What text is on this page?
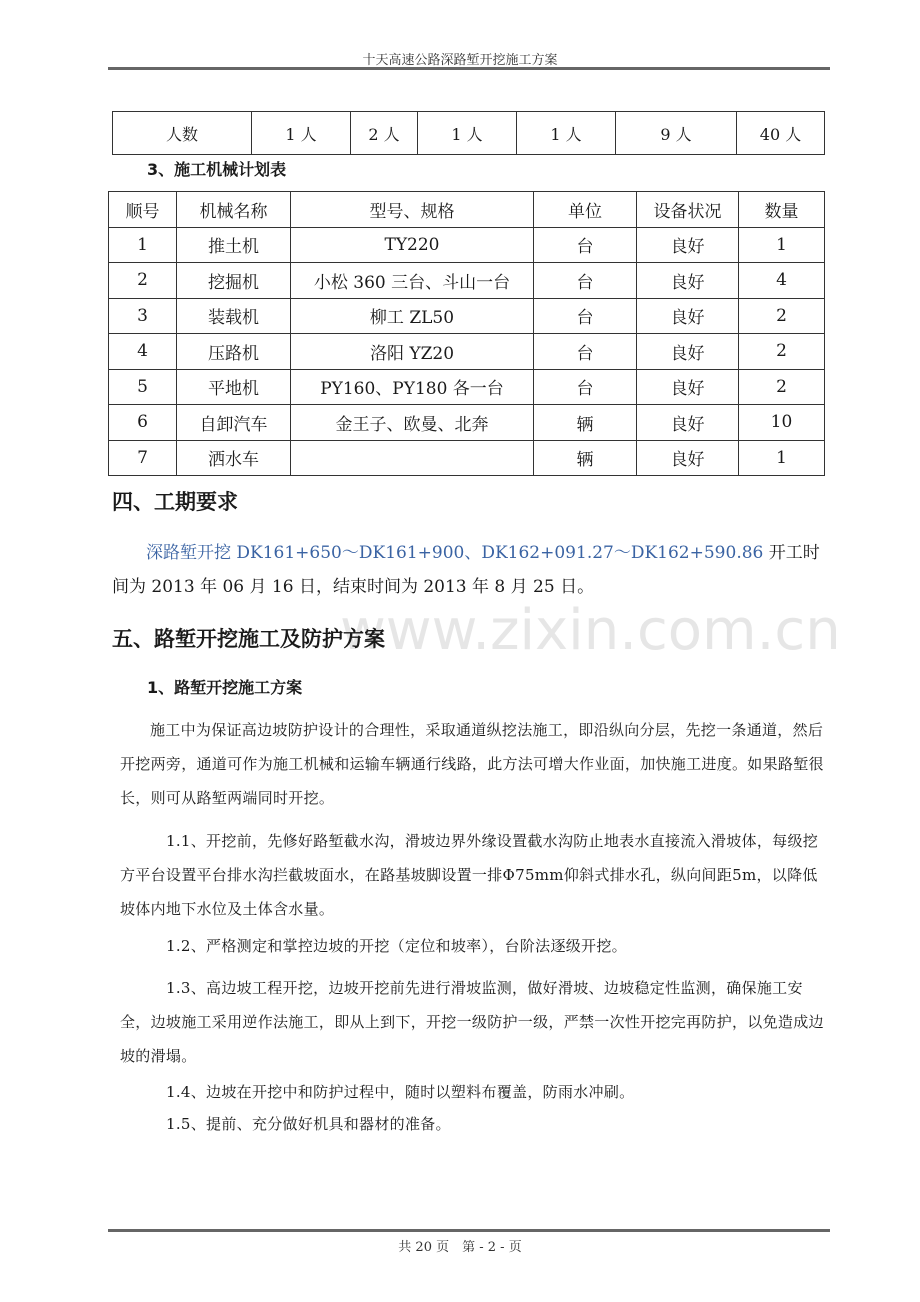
十天高速公路深路堑开挖施工方案
人数	1 人	2 人	1 人	1 人	9 人	40 人
3、施工机械计划表
顺号	机械名称	型号、规格	单位	设备状况	数量
1	推土机	TY220	台	良好	1
2	挖掘机	小松 360 三台、斗山一台	台	良好	4
3	装载机	柳工 ZL50	台	良好	2
4	压路机	洛阳 YZ20	台	良好	2
5	平地机	PY160、PY180 各一台	台	良好	2
6	自卸汽车	金王子、欧曼、北奔	辆	良好	10
7	洒水车		辆	良好	1
www.zixin.com.cn
四、工期要求
深路堑开挖 DK161+650～DK161+900、DK162+091.27～DK162+590.86 开工时间为 2013 年 06 月 16 日，结束时间为 2013 年 8 月 25 日。
五、路堑开挖施工及防护方案
1、路堑开挖施工方案
施工中为保证高边坡防护设计的合理性，采取通道纵挖法施工，即沿纵向分层，先挖一条通道，然后开挖两旁，通道可作为施工机械和运输车辆通行线路，此方法可增大作业面，加快施工进度。如果路堑很长，则可从路堑两端同时开挖。
1.1、开挖前，先修好路堑截水沟，滑坡边界外缘设置截水沟防止地表水直接流入滑坡体，每级挖方平台设置平台排水沟拦截坡面水，在路基坡脚设置一排Φ75mm仰斜式排水孔，纵向间距5m，以降低坡体内地下水位及土体含水量。
1.2、严格测定和掌控边坡的开挖（定位和坡率），台阶法逐级开挖。
1.3、高边坡工程开挖，边坡开挖前先进行滑坡监测，做好滑坡、边坡稳定性监测，确保施工安全，边坡施工采用逆作法施工，即从上到下，开挖一级防护一级，严禁一次性开挖完再防护，以免造成边坡的滑塌。
1.4、边坡在开挖中和防护过程中，随时以塑料布覆盖，防雨水冲刷。
1.5、提前、充分做好机具和器材的准备。
共 20 页　第 - 2 - 页
